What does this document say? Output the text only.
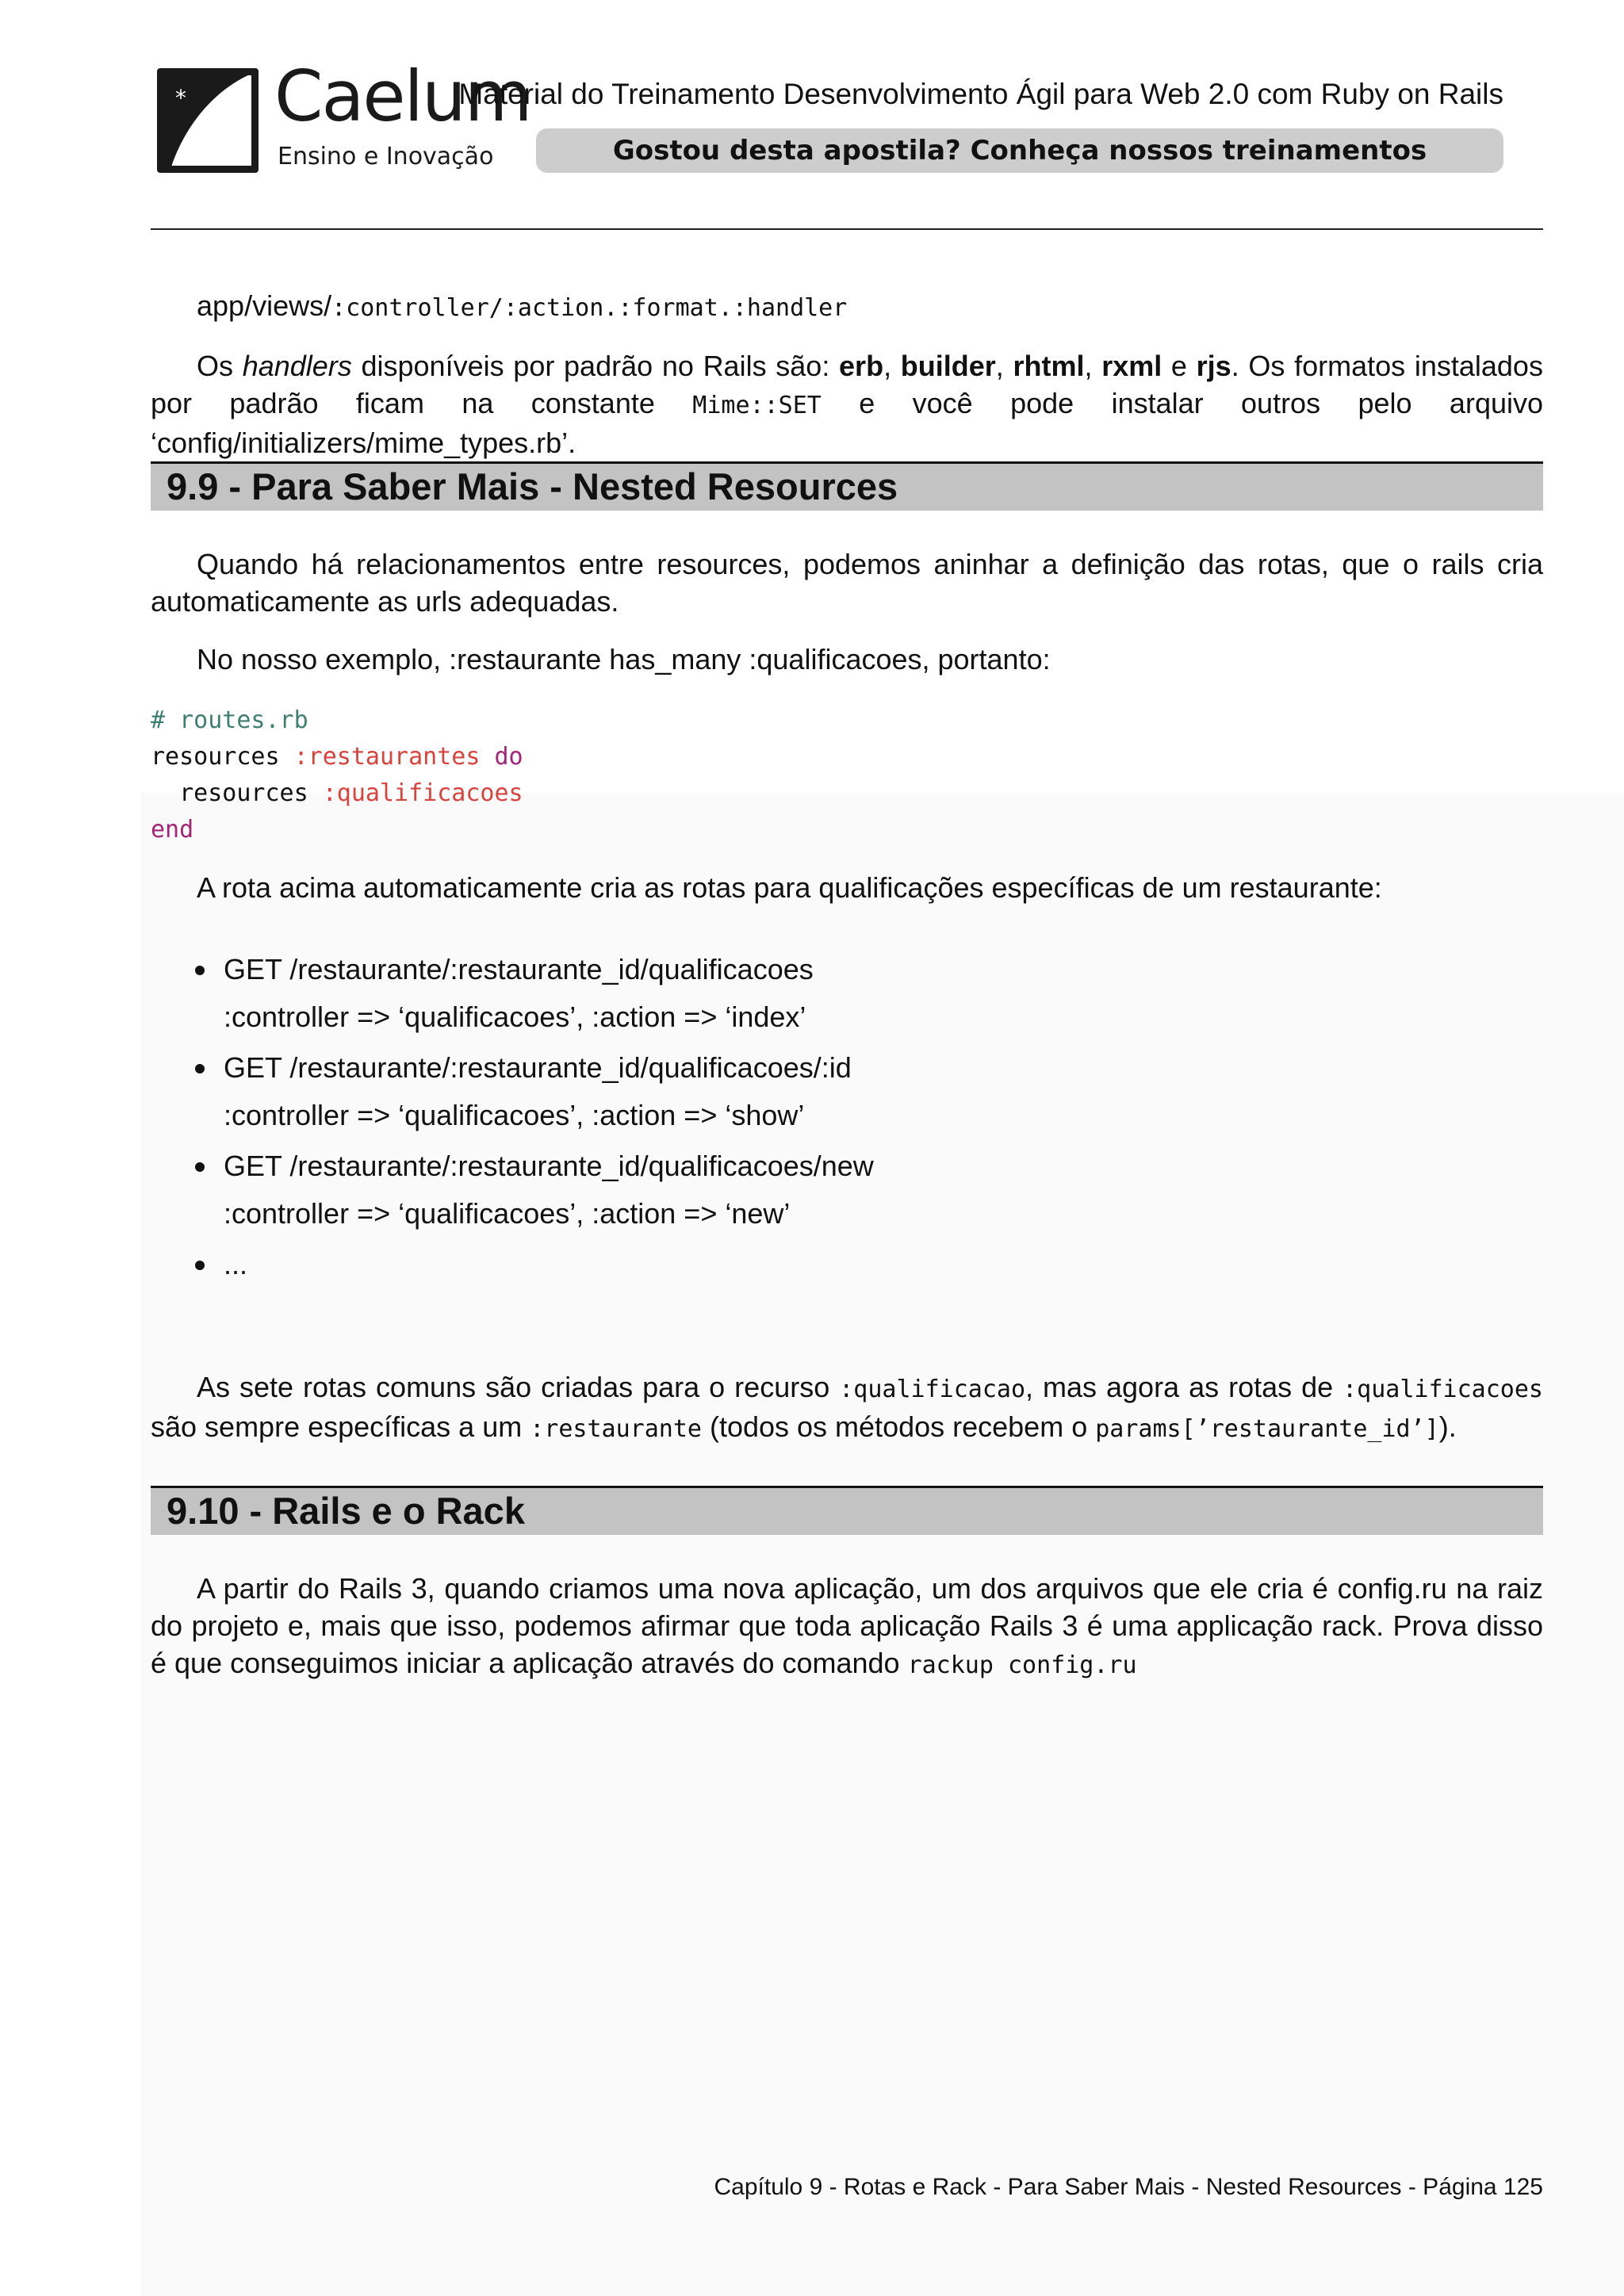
* Caelum
Ensino e Inovação
Material do Treinamento Desenvolvimento Ágil para Web 2.0 com Ruby on Rails
Gostou desta apostila? Conheça nossos treinamentos

app/views/:controller/:action.:format.:handler

Os handlers disponíveis por padrão no Rails são: erb, builder, rhtml, rxml e rjs. Os formatos instalados por padrão ficam na constante Mime::SET e você pode instalar outros pelo arquivo ‘config/initializers/mime_types.rb’.

9.9 - Para Saber Mais - Nested Resources

Quando há relacionamentos entre resources, podemos aninhar a definição das rotas, que o rails cria automaticamente as urls adequadas.

No nosso exemplo, :restaurante has_many :qualificacoes, portanto:

# routes.rb
resources :restaurantes do
resources :qualificacoes
end

A rota acima automaticamente cria as rotas para qualificações específicas de um restaurante:

GET /restaurante/:restaurante_id/qualificacoes
:controller => ‘qualificacoes’, :action => ‘index’
GET /restaurante/:restaurante_id/qualificacoes/:id
:controller => ‘qualificacoes’, :action => ‘show’
GET /restaurante/:restaurante_id/qualificacoes/new
:controller => ‘qualificacoes’, :action => ‘new’
...

As sete rotas comuns são criadas para o recurso :qualificacao, mas agora as rotas de :qualificacoes são sempre específicas a um :restaurante (todos os métodos recebem o params[’restaurante_id’]).

9.10 - Rails e o Rack

A partir do Rails 3, quando criamos uma nova aplicação, um dos arquivos que ele cria é config.ru na raiz do projeto e, mais que isso, podemos afirmar que toda aplicação Rails 3 é uma applicação rack. Prova disso é que conseguimos iniciar a aplicação através do comando rackup config.ru

Capítulo 9 - Rotas e Rack - Para Saber Mais - Nested Resources - Página 125
